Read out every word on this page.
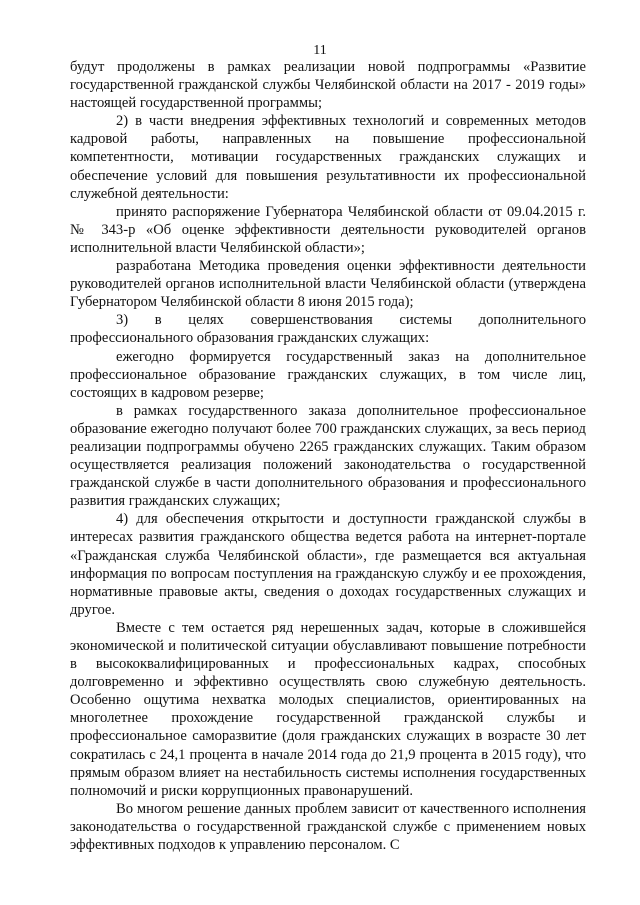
11

будут продолжены в рамках реализации новой подпрограммы «Развитие государственной гражданской службы Челябинской области на 2017 - 2019 годы» настоящей государственной программы;

2) в части внедрения эффективных технологий и современных методов кадровой работы, направленных на повышение профессиональной компетентности, мотивации государственных гражданских служащих и обеспечение условий для повышения результативности их профессиональной служебной деятельности:

принято распоряжение Губернатора Челябинской области от 09.04.2015 г. № 343-р «Об оценке эффективности деятельности руководителей органов исполнительной власти Челябинской области»;

разработана Методика проведения оценки эффективности деятельности руководителей органов исполнительной власти Челябинской области (утверждена Губернатором Челябинской области 8 июня 2015 года);

3) в целях совершенствования системы дополнительного профессионального образования гражданских служащих:

ежегодно формируется государственный заказ на дополнительное профессиональное образование гражданских служащих, в том числе лиц, состоящих в кадровом резерве;

в рамках государственного заказа дополнительное профессиональное образование ежегодно получают более 700 гражданских служащих, за весь период реализации подпрограммы обучено 2265 гражданских служащих. Таким образом осуществляется реализация положений законодательства о государственной гражданской службе в части дополнительного образования и профессионального развития гражданских служащих;

4) для обеспечения открытости и доступности гражданской службы в интересах развития гражданского общества ведется работа на интернет-портале «Гражданская служба Челябинской области», где размещается вся актуальная информация по вопросам поступления на гражданскую службу и ее прохождения, нормативные правовые акты, сведения о доходах государственных служащих и другое.

Вместе с тем остается ряд нерешенных задач, которые в сложившейся экономической и политической ситуации обуславливают повышение потребности в высококвалифицированных и профессиональных кадрах, способных долговременно и эффективно осуществлять свою служебную деятельность. Особенно ощутима нехватка молодых специалистов, ориентированных на многолетнее прохождение государственной гражданской службы и профессиональное саморазвитие (доля гражданских служащих в возрасте 30 лет сократилась с 24,1 процента в начале 2014 года до 21,9 процента в 2015 году), что прямым образом влияет на нестабильность системы исполнения государственных полномочий и риски коррупционных правонарушений.

Во многом решение данных проблем зависит от качественного исполнения законодательства о государственной гражданской службе с применением новых эффективных подходов к управлению персоналом. С
